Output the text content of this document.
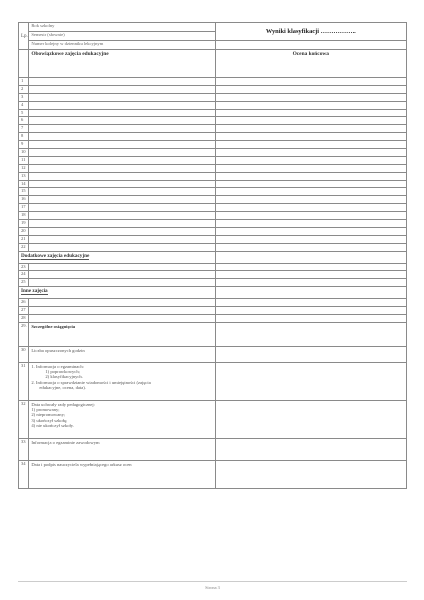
Lp.	Rok szkolny	Wyniki klasyfikacji ……………..
	Semestr (słownie)	
	Numer kolejny w dzienniku lekcyjnym	
	Obowiązkowe zajęcia edukacyjne	Ocena końcowa
1		
2		
3		
4		
5		
6		
7		
8		
9		
10		
11		
12		
13		
14		
15		
16		
17		
18		
19		
20		
21		
22		
Dodatkowe zajęcia edukacyjne		
23		
24		
25		
Inne zajęcia		
26		
27		
28		
29.	Szczególne osiągnięcia	

30	Liczba opuszczonych godzin	

31	1. Informacja o egzaminach:
1) poprawkowych;
2) klasyfikacyjnych.
2. Informacja o sprawdzianie wiadomości i umiejętności (zajęcia
edukacyjne, ocena, data).	

32	Data uchwały rady pedagogicznej:
1) promowany;
2) niepromowany;
3) ukończył szkołę;
4) nie ukończył szkoły.	

33	Informacja o egzaminie zawodowym	

34	Data i podpis nauczyciela wypełniającego arkusz ocen	

Strona 3
